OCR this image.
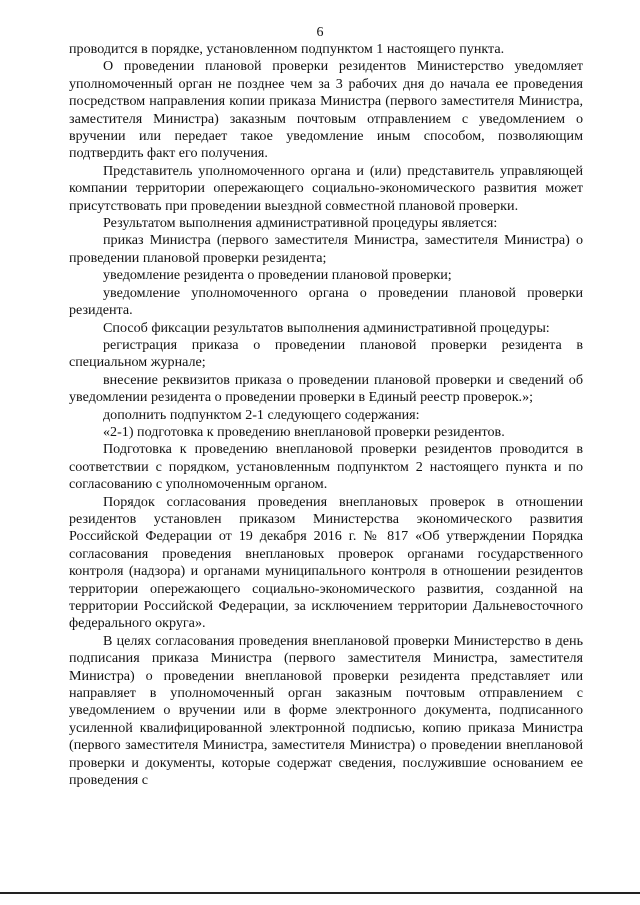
6

проводится в порядке, установленном подпунктом 1 настоящего пункта.

О проведении плановой проверки резидентов Министерство уведомляет уполномоченный орган не позднее чем за 3 рабочих дня до начала ее проведения посредством направления копии приказа Министра (первого заместителя Министра, заместителя Министра) заказным почтовым отправлением с уведомлением о вручении или передает такое уведомление иным способом, позволяющим подтвердить факт его получения.

Представитель уполномоченного органа и (или) представитель управляющей компании территории опережающего социально-экономического развития может присутствовать при проведении выездной совместной плановой проверки.

Результатом выполнения административной процедуры является:

приказ Министра (первого заместителя Министра, заместителя Министра) о проведении плановой проверки резидента;

уведомление резидента о проведении плановой проверки;

уведомление уполномоченного органа о проведении плановой проверки резидента.

Способ фиксации результатов выполнения административной процедуры:

регистрация приказа о проведении плановой проверки резидента в специальном журнале;

внесение реквизитов приказа о проведении плановой проверки и сведений об уведомлении резидента о проведении проверки в Единый реестр проверок.»;

дополнить подпунктом 2-1 следующего содержания:

«2-1) подготовка к проведению внеплановой проверки резидентов.

Подготовка к проведению внеплановой проверки резидентов проводится в соответствии с порядком, установленным подпунктом 2 настоящего пункта и по согласованию с уполномоченным органом.

Порядок согласования проведения внеплановых проверок в отношении резидентов установлен приказом Министерства экономического развития Российской Федерации от 19 декабря 2016 г. № 817 «Об утверждении Порядка согласования проведения внеплановых проверок органами государственного контроля (надзора) и органами муниципального контроля в отношении резидентов территории опережающего социально-экономического развития, созданной на территории Российской Федерации, за исключением территории Дальневосточного федерального округа».

В целях согласования проведения внеплановой проверки Министерство в день подписания приказа Министра (первого заместителя Министра, заместителя Министра) о проведении внеплановой проверки резидента представляет или направляет в уполномоченный орган заказным почтовым отправлением с уведомлением о вручении или в форме электронного документа, подписанного усиленной квалифицированной электронной подписью, копию приказа Министра (первого заместителя Министра, заместителя Министра) о проведении внеплановой проверки и документы, которые содержат сведения, послужившие основанием ее проведения с
